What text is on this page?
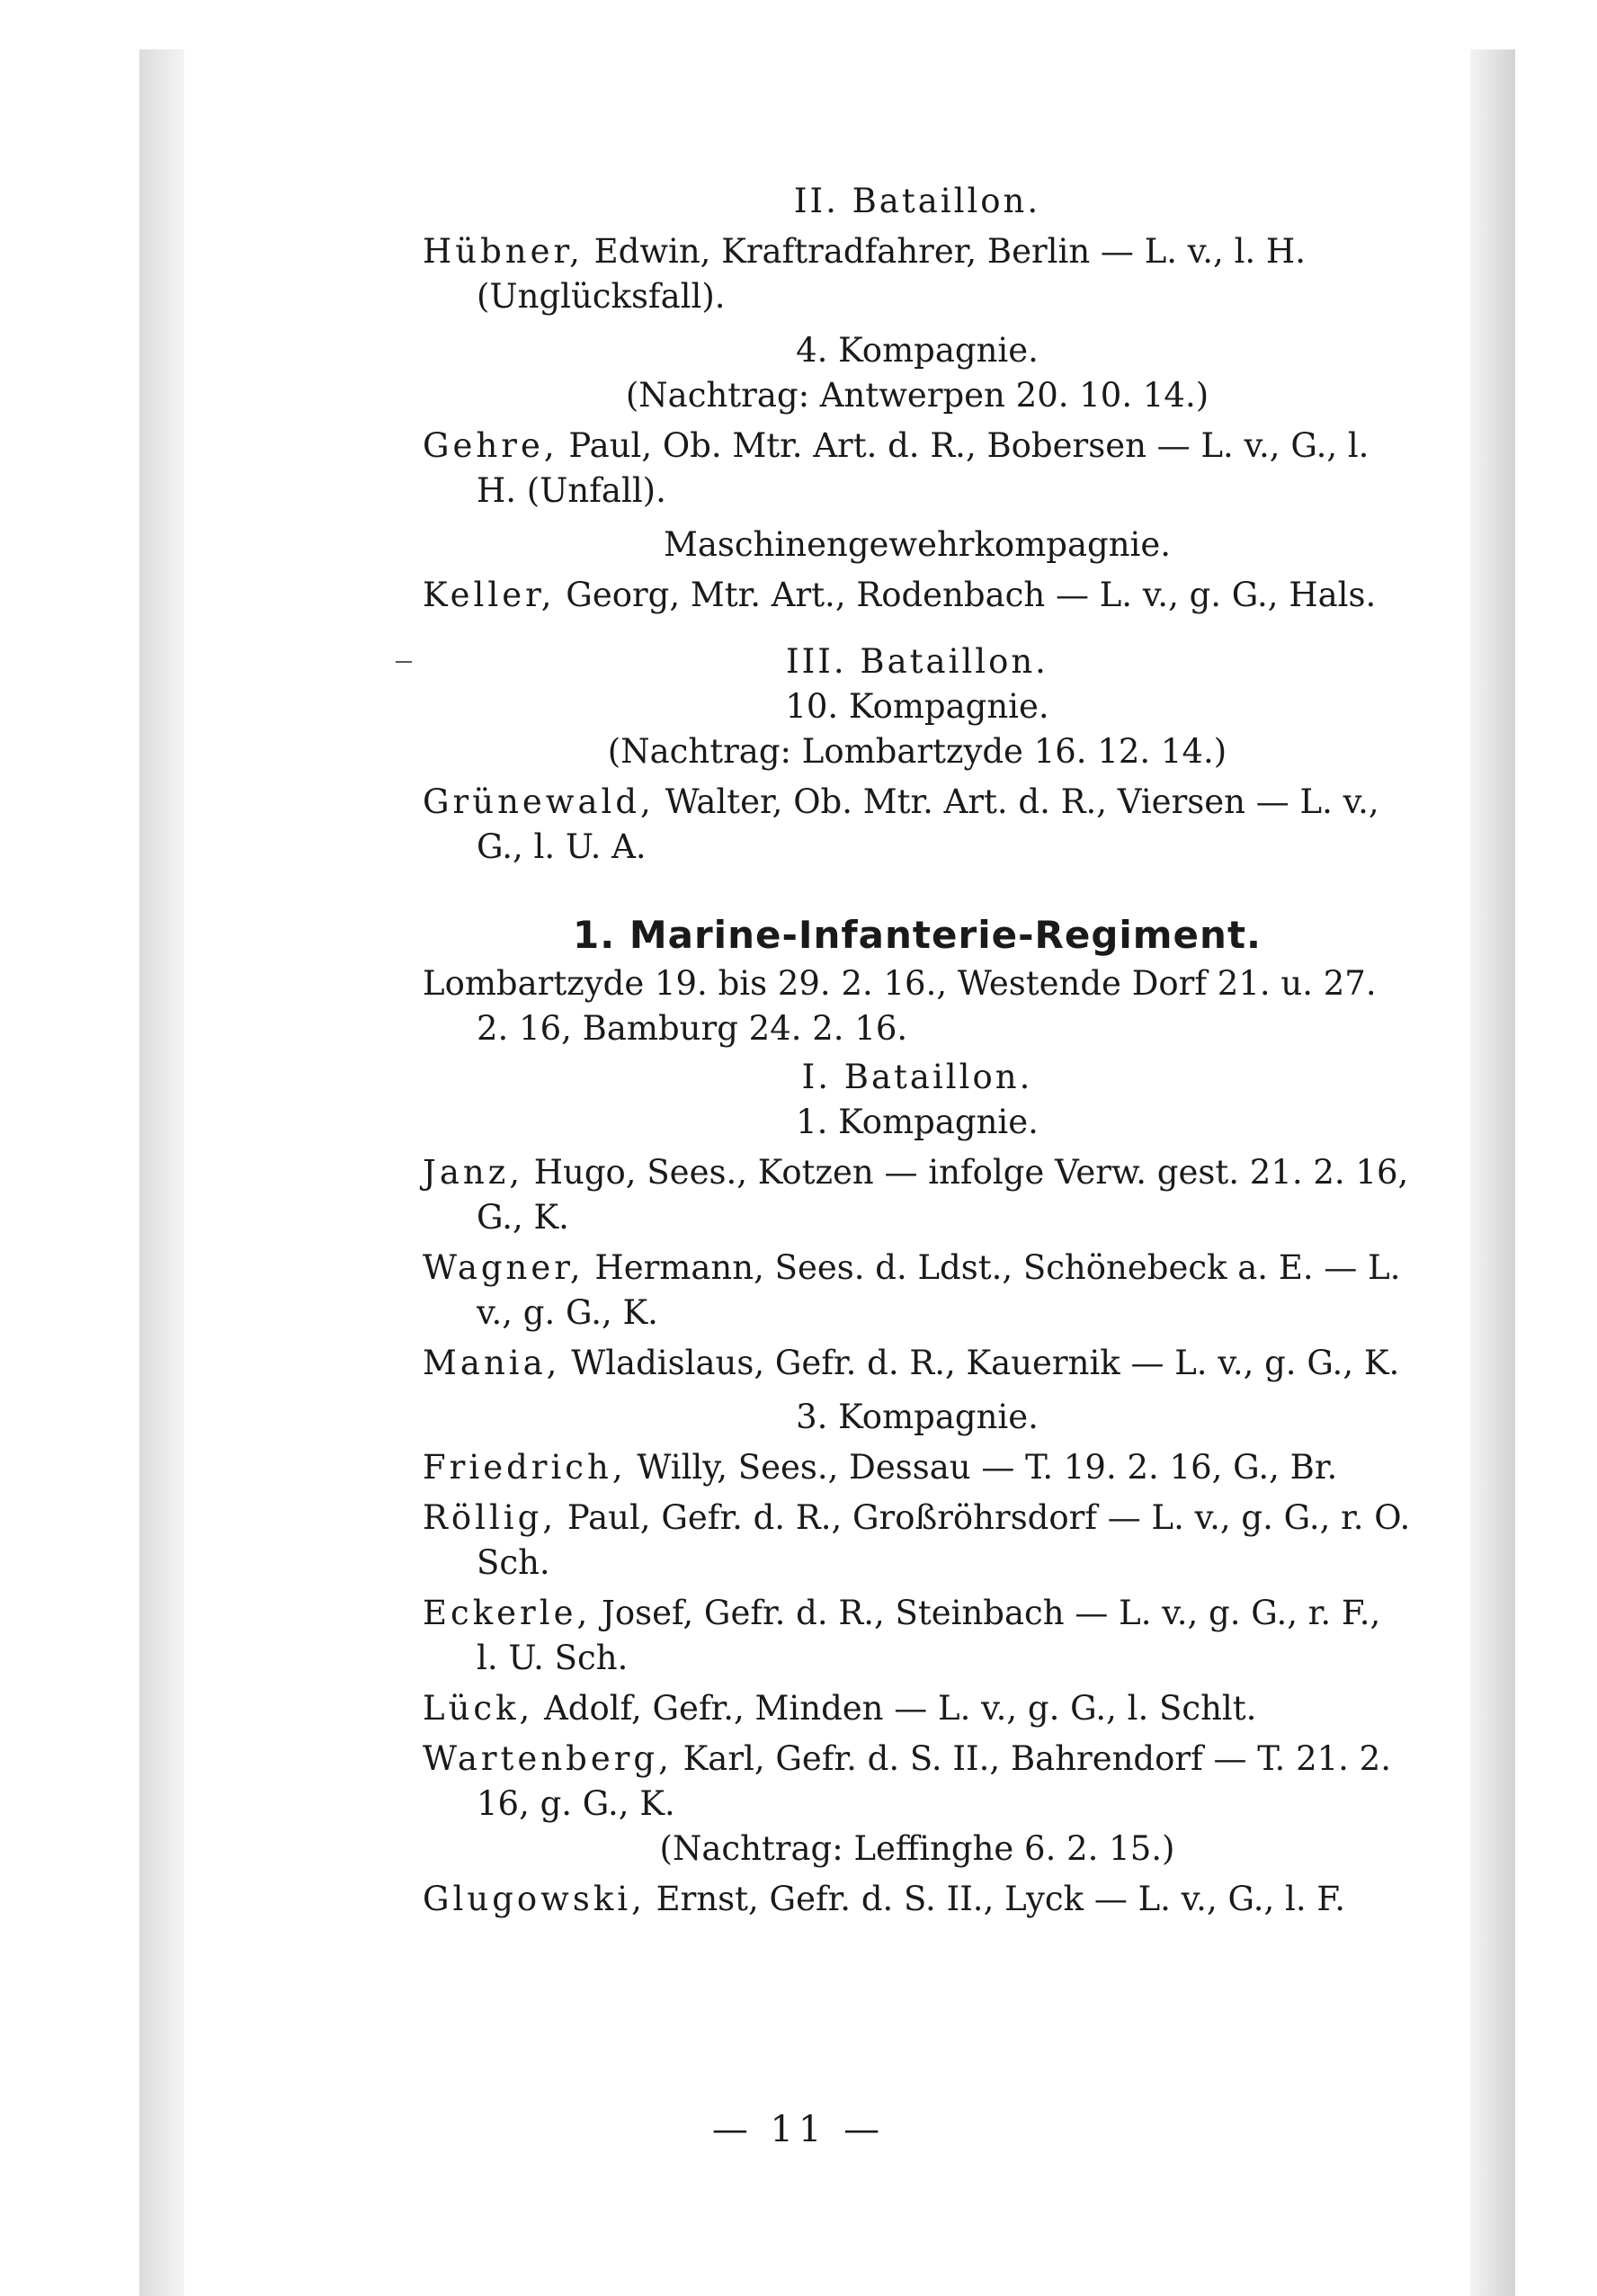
II. Bataillon.
Hübner, Edwin, Kraftradfahrer, Berlin — L. v., l. H. (Unglücksfall).
4. Kompagnie.
(Nachtrag: Antwerpen 20. 10. 14.)
Gehre, Paul, Ob. Mtr. Art. d. R., Bobersen — L. v., G., l. H. (Unfall).
Maschinengewehrkompagnie.
Keller, Georg, Mtr. Art., Rodenbach — L. v., g. G., Hals.
III. Bataillon.
10. Kompagnie.
(Nachtrag: Lombartzyde 16. 12. 14.)
Grünewald, Walter, Ob. Mtr. Art. d. R., Viersen — L. v., G., l. U. A.
1. Marine-Infanterie-Regiment.
Lombartzyde 19. bis 29. 2. 16., Westende Dorf 21. u. 27. 2. 16, Bamburg 24. 2. 16.
I. Bataillon.
1. Kompagnie.
Janz, Hugo, Sees., Kotzen — infolge Verw. gest. 21. 2. 16, G., K.
Wagner, Hermann, Sees. d. Ldst., Schönebeck a. E. — L. v., g. G., K.
Mania, Wladislaus, Gefr. d. R., Kauernik — L. v., g. G., K.
3. Kompagnie.
Friedrich, Willy, Sees., Dessau — T. 19. 2. 16, G., Br.
Röllig, Paul, Gefr. d. R., Großröhrsdorf — L. v., g. G., r. O. Sch.
Eckerle, Josef, Gefr. d. R., Steinbach — L. v., g. G., r. F., l. U. Sch.
Lück, Adolf, Gefr., Minden — L. v., g. G., l. Schlt.
Wartenberg, Karl, Gefr. d. S. II., Bahrendorf — T. 21. 2. 16, g. G., K.
(Nachtrag: Leffinghe 6. 2. 15.)
Glugowski, Ernst, Gefr. d. S. II., Lyck — L. v., G., l. F.
— 11 —
